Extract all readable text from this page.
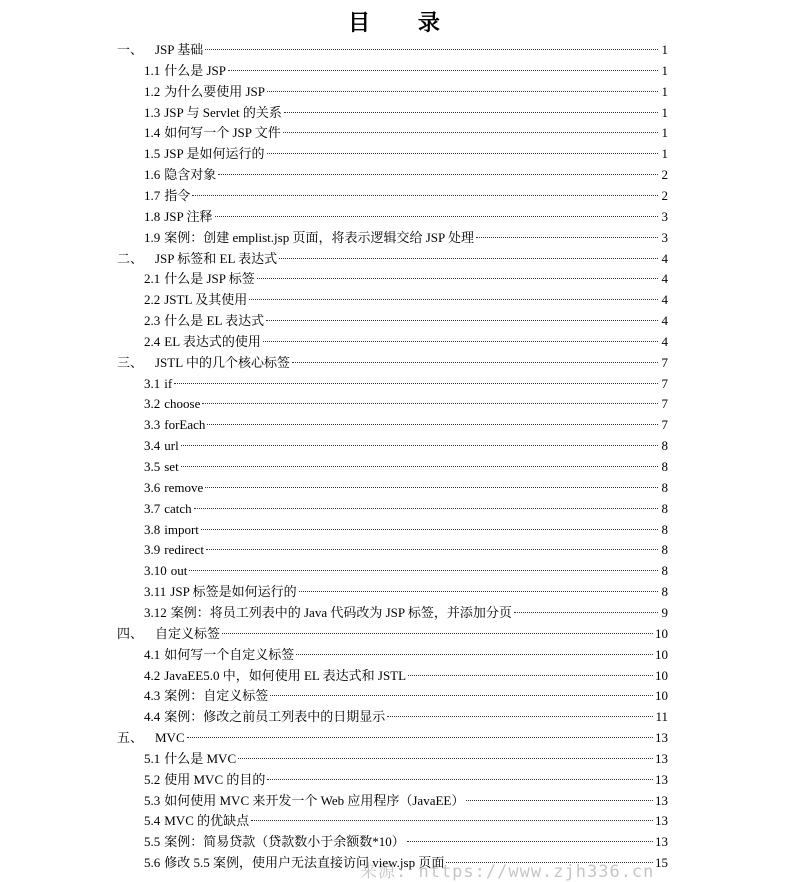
目 录
一、 JSP 基础	1
1.1 什么是 JSP	1
1.2 为什么要使用 JSP	1
1.3 JSP 与 Servlet 的关系	1
1.4 如何写一个 JSP 文件	1
1.5 JSP 是如何运行的	1
1.6 隐含对象	2
1.7 指令	2
1.8 JSP 注释	3
1.9 案例：创建 emplist.jsp 页面，将表示逻辑交给 JSP 处理	3
二、 JSP 标签和 EL 表达式	4
2.1 什么是 JSP 标签	4
2.2 JSTL 及其使用	4
2.3 什么是 EL 表达式	4
2.4 EL 表达式的使用	4
三、 JSTL 中的几个核心标签	7
3.1 if	7
3.2 choose	7
3.3 forEach	7
3.4 url	8
3.5 set	8
3.6 remove	8
3.7 catch	8
3.8 import	8
3.9 redirect	8
3.10 out	8
3.11 JSP 标签是如何运行的	8
3.12 案例：将员工列表中的 Java 代码改为 JSP 标签，并添加分页	9
四、 自定义标签	10
4.1 如何写一个自定义标签	10
4.2 JavaEE5.0 中，如何使用 EL 表达式和 JSTL	10
4.3 案例：自定义标签	10
4.4 案例：修改之前员工列表中的日期显示	11
五、 MVC	13
5.1 什么是 MVC	13
5.2 使用 MVC 的目的	13
5.3 如何使用 MVC 来开发一个 Web 应用程序（JavaEE）	13
5.4 MVC 的优缺点	13
5.5 案例：简易贷款（贷款数小于余额数*10）	13
5.6 修改 5.5 案例，使用户无法直接访问 view.jsp 页面	15
来源: https://www.zjh336.cn
